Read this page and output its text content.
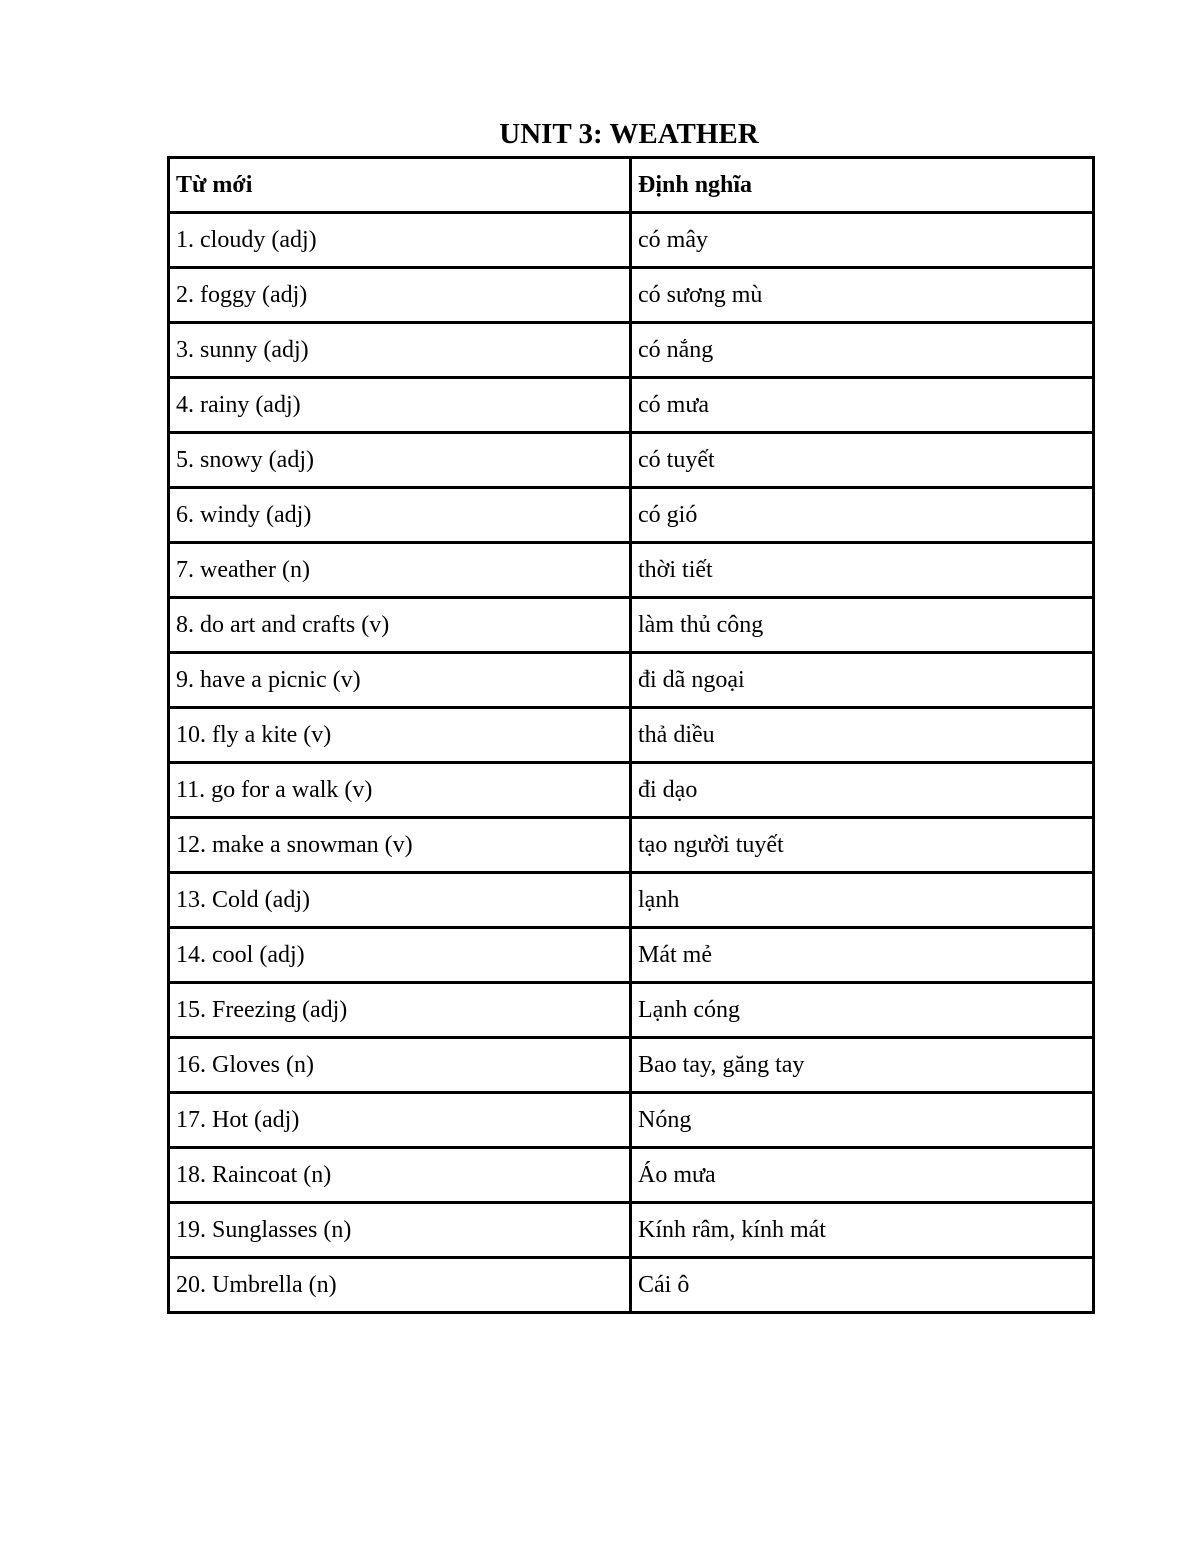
UNIT 3: WEATHER
Từ mới	Định nghĩa
1. cloudy (adj)	có mây
2. foggy (adj)	có sương mù
3. sunny (adj)	có nắng
4. rainy (adj)	có mưa
5. snowy (adj)	có tuyết
6. windy (adj)	có gió
7. weather (n)	thời tiết
8. do art and crafts (v)	làm thủ công
9. have a picnic (v)	đi dã ngoại
10. fly a kite (v)	thả diều
11. go for a walk (v)	đi dạo
12. make a snowman (v)	tạo người tuyết
13. Cold (adj)	lạnh
14. cool (adj)	Mát mẻ
15. Freezing (adj)	Lạnh cóng
16. Gloves (n)	Bao tay, găng tay
17. Hot (adj)	Nóng
18. Raincoat (n)	Áo mưa
19. Sunglasses (n)	Kính râm, kính mát
20. Umbrella (n)	Cái ô
